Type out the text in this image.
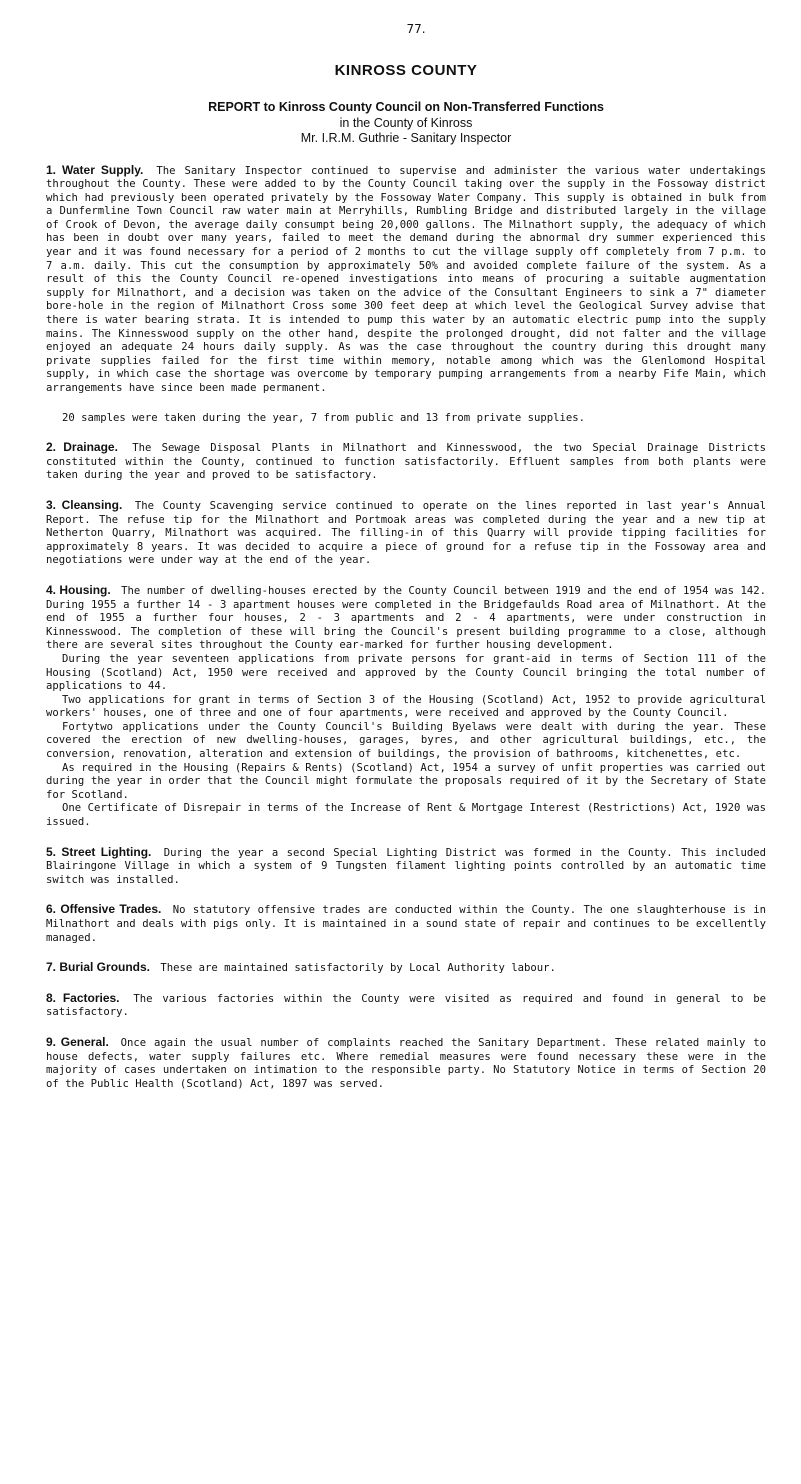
77.
KINROSS COUNTY
REPORT to Kinross County Council on Non-Transferred Functions
in the County of Kinross
Mr. I.R.M. Guthrie - Sanitary Inspector

1. Water Supply. The Sanitary Inspector continued to supervise and administer the various water undertakings throughout the County. These were added to by the County Council taking over the supply in the Fossoway district which had previously been operated privately by the Fossoway Water Company. This supply is obtained in bulk from a Dunfermline Town Council raw water main at Merryhills, Rumbling Bridge and distributed largely in the village of Crook of Devon, the average daily consumpt being 20,000 gallons. The Milnathort supply, the adequacy of which has been in doubt over many years, failed to meet the demand during the abnormal dry summer experienced this year and it was found necessary for a period of 2 months to cut the village supply off completely from 7 p.m. to 7 a.m. daily. This cut the consumption by approximately 50% and avoided complete failure of the system. As a result of this the County Council re-opened investigations into means of procuring a suitable augmentation supply for Milnathort, and a decision was taken on the advice of the Consultant Engineers to sink a 7" diameter bore-hole in the region of Milnathort Cross some 300 feet deep at which level the Geological Survey advise that there is water bearing strata. It is intended to pump this water by an automatic electric pump into the supply mains. The Kinnesswood supply on the other hand, despite the prolonged drought, did not falter and the village enjoyed an adequate 24 hours daily supply. As was the case throughout the country during this drought many private supplies failed for the first time within memory, notable among which was the Glenlomond Hospital supply, in which case the shortage was overcome by temporary pumping arrangements from a nearby Fife Main, which arrangements have since been made permanent.

20 samples were taken during the year, 7 from public and 13 from private supplies.

2. Drainage. The Sewage Disposal Plants in Milnathort and Kinnesswood, the two Special Drainage Districts constituted within the County, continued to function satisfactorily. Effluent samples from both plants were taken during the year and proved to be satisfactory.

3. Cleansing. The County Scavenging service continued to operate on the lines reported in last year's Annual Report. The refuse tip for the Milnathort and Portmoak areas was completed during the year and a new tip at Netherton Quarry, Milnathort was acquired. The filling-in of this Quarry will provide tipping facilities for approximately 8 years. It was decided to acquire a piece of ground for a refuse tip in the Fossoway area and negotiations were under way at the end of the year.

4. Housing. The number of dwelling-houses erected by the County Council between 1919 and the end of 1954 was 142. During 1955 a further 14 - 3 apartment houses were completed in the Bridgefaulds Road area of Milnathort. At the end of 1955 a further four houses, 2 - 3 apartments and 2 - 4 apartments, were under construction in Kinnesswood. The completion of these will bring the Council's present building programme to a close, although there are several sites throughout the County ear-marked for further housing development.

During the year seventeen applications from private persons for grant-aid in terms of Section 111 of the Housing (Scotland) Act, 1950 were received and approved by the County Council bringing the total number of applications to 44.

Two applications for grant in terms of Section 3 of the Housing (Scotland) Act, 1952 to provide agricultural workers' houses, one of three and one of four apartments, were received and approved by the County Council.

Fortytwo applications under the County Council's Building Byelaws were dealt with during the year. These covered the erection of new dwelling-houses, garages, byres, and other agricultural buildings, etc., the conversion, renovation, alteration and extension of buildings, the provision of bathrooms, kitchenettes, etc.

As required in the Housing (Repairs & Rents) (Scotland) Act, 1954 a survey of unfit properties was carried out during the year in order that the Council might formulate the proposals required of it by the Secretary of State for Scotland.

One Certificate of Disrepair in terms of the Increase of Rent & Mortgage Interest (Restrictions) Act, 1920 was issued.

5. Street Lighting. During the year a second Special Lighting District was formed in the County. This included Blairingone Village in which a system of 9 Tungsten filament lighting points controlled by an automatic time switch was installed.

6. Offensive Trades. No statutory offensive trades are conducted within the County. The one slaughterhouse is in Milnathort and deals with pigs only. It is maintained in a sound state of repair and continues to be excellently managed.

7. Burial Grounds. These are maintained satisfactorily by Local Authority labour.

8. Factories. The various factories within the County were visited as required and found in general to be satisfactory.

9. General. Once again the usual number of complaints reached the Sanitary Department. These related mainly to house defects, water supply failures etc. Where remedial measures were found necessary these were in the majority of cases undertaken on intimation to the responsible party. No Statutory Notice in terms of Section 20 of the Public Health (Scotland) Act, 1897 was served.
